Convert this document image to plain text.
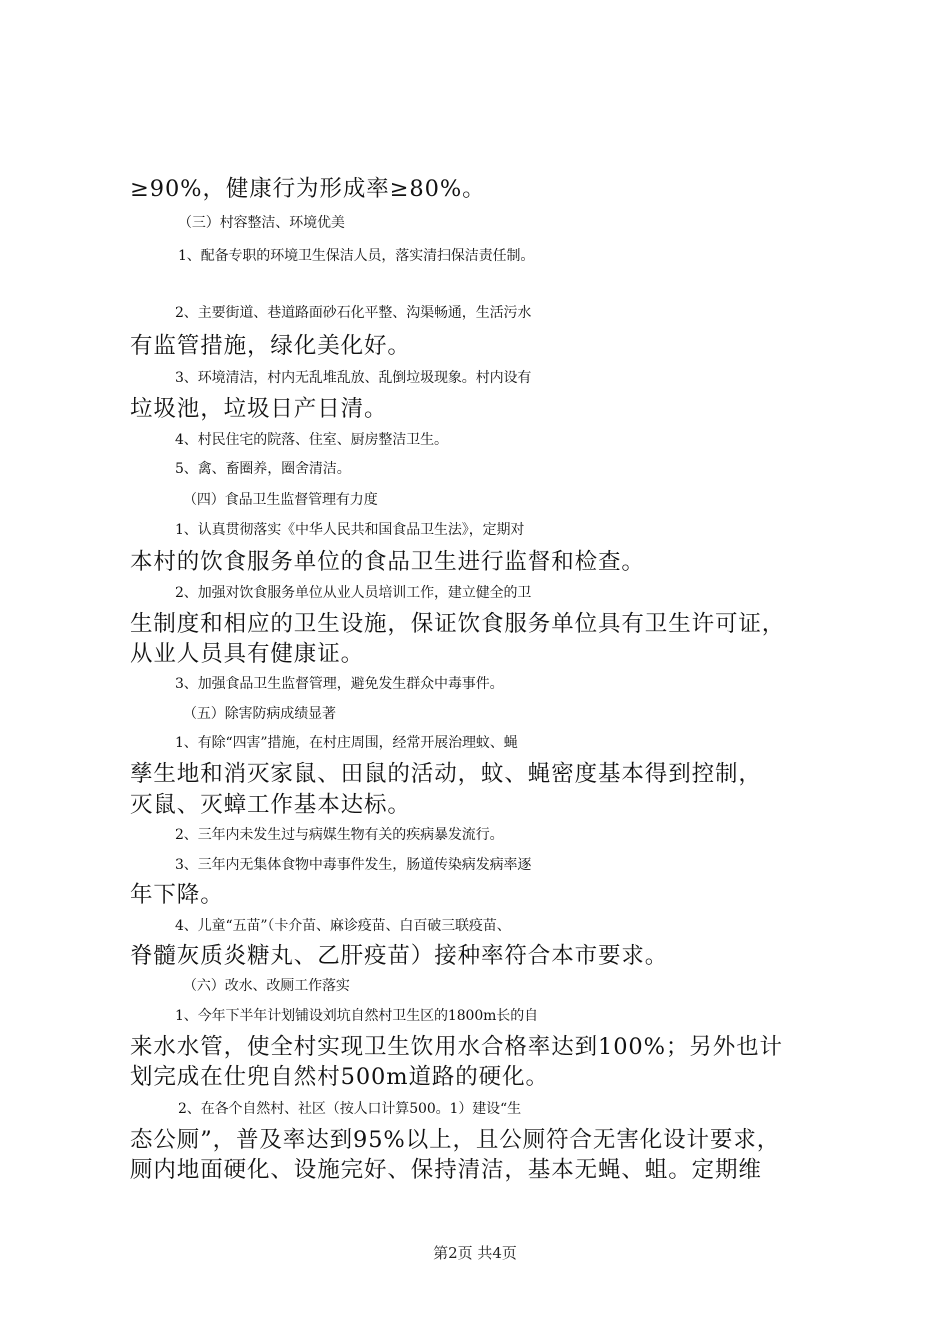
≥90%，健康行为形成率≥80%。
（三）村容整洁、环境优美
1、配备专职的环境卫生保洁人员，落实清扫保洁责任制。
2、主要街道、巷道路面砂石化平整、沟渠畅通，生活污水
有监管措施，绿化美化好。
3、环境清洁，村内无乱堆乱放、乱倒垃圾现象。村内设有
垃圾池，垃圾日产日清。
4、村民住宅的院落、住室、厨房整洁卫生。
5、禽、畜圈养，圈舍清洁。
（四）食品卫生监督管理有力度
1、认真贯彻落实《中华人民共和国食品卫生法》，定期对
本村的饮食服务单位的食品卫生进行监督和检查。
2、加强对饮食服务单位从业人员培训工作，建立健全的卫
生制度和相应的卫生设施，保证饮食服务单位具有卫生许可证，
从业人员具有健康证。
3、加强食品卫生监督管理，避免发生群众中毒事件。
（五）除害防病成绩显著
1、有除“四害”措施，在村庄周围，经常开展治理蚊、蝇
孳生地和消灭家鼠、田鼠的活动，蚊、蝇密度基本得到控制，
灭鼠、灭蟑工作基本达标。
2、三年内未发生过与病媒生物有关的疾病暴发流行。
3、三年内无集体食物中毒事件发生，肠道传染病发病率逐
年下降。
4、儿童“五苗”（卡介苗、麻诊疫苗、白百破三联疫苗、
脊髓灰质炎糖丸、乙肝疫苗）接种率符合本市要求。
（六）改水、改厕工作落实
1、今年下半年计划铺设刘坑自然村卫生区的1800m长的自
来水水管，使全村实现卫生饮用水合格率达到100%；另外也计
划完成在仕兜自然村500m道路的硬化。
2、在各个自然村、社区（按人口计算500。1）建设“生
态公厕”，普及率达到95%以上，且公厕符合无害化设计要求，
厕内地面硬化、设施完好、保持清洁，基本无蝇、蛆。定期维
第2页 共4页
